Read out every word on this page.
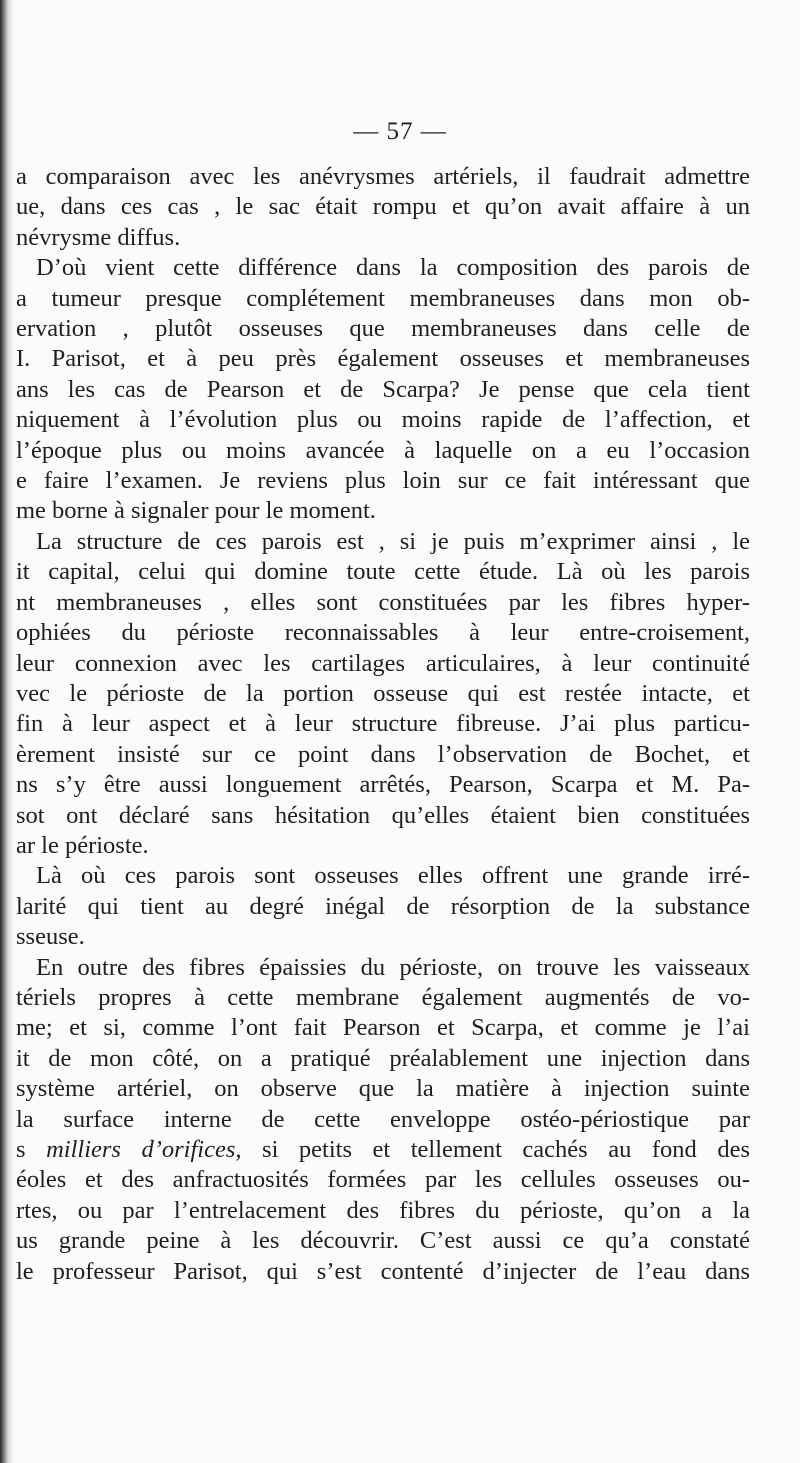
— 57 —
a comparaison avec les anévrysmes artériels, il faudrait admettre
ue, dans ces cas , le sac était rompu et qu’on avait affaire à un
névrysme diffus.
D’où vient cette différence dans la composition des parois de
a tumeur presque complétement membraneuses dans mon ob-
ervation , plutôt osseuses que membraneuses dans celle de
I. Parisot, et à peu près également osseuses et membraneuses
ans les cas de Pearson et de Scarpa? Je pense que cela tient
niquement à l’évolution plus ou moins rapide de l’affection, et
l’époque plus ou moins avancée à laquelle on a eu l’occasion
e faire l’examen. Je reviens plus loin sur ce fait intéressant que
me borne à signaler pour le moment.
La structure de ces parois est , si je puis m’exprimer ainsi , le
it capital, celui qui domine toute cette étude. Là où les parois
nt membraneuses , elles sont constituées par les fibres hyper-
ophiées du périoste reconnaissables à leur entre-croisement,
leur connexion avec les cartilages articulaires, à leur continuité
vec le périoste de la portion osseuse qui est restée intacte, et
fin à leur aspect et à leur structure fibreuse. J’ai plus particu-
èrement insisté sur ce point dans l’observation de Bochet, et
ns s’y être aussi longuement arrêtés, Pearson, Scarpa et M. Pa-
sot ont déclaré sans hésitation qu’elles étaient bien constituées
ar le périoste.
Là où ces parois sont osseuses elles offrent une grande irré-
larité qui tient au degré inégal de résorption de la substance
sseuse.
En outre des fibres épaissies du périoste, on trouve les vaisseaux
tériels propres à cette membrane également augmentés de vo-
me; et si, comme l’ont fait Pearson et Scarpa, et comme je l’ai
it de mon côté, on a pratiqué préalablement une injection dans
système artériel, on observe que la matière à injection suinte
la surface interne de cette enveloppe ostéo-périostique par
s milliers d’orifices, si petits et tellement cachés au fond des
éoles et des anfractuosités formées par les cellules osseuses ou-
rtes, ou par l’entrelacement des fibres du périoste, qu’on a la
us grande peine à les découvrir. C’est aussi ce qu’a constaté
le professeur Parisot, qui s’est contenté d’injecter de l’eau dans
